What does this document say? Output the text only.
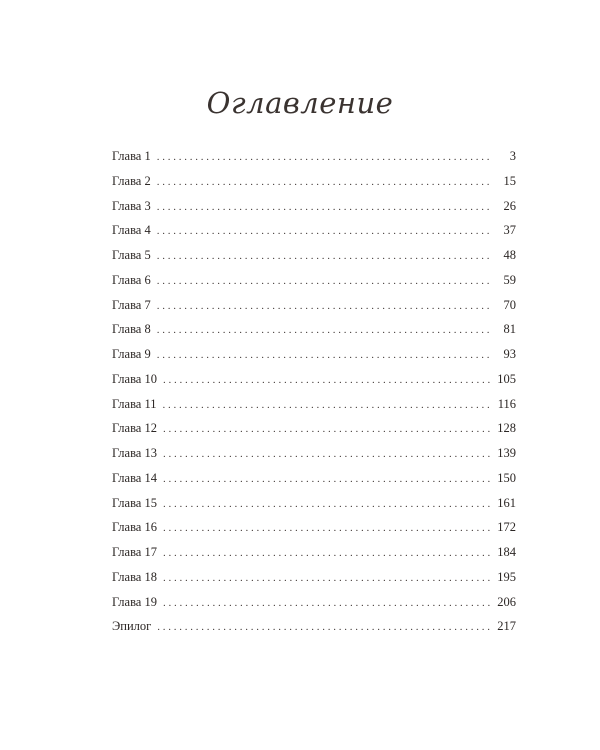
Оглавление
Глава 1 . . .	3
Глава 2 . . .	15
Глава 3 . . .	26
Глава 4 . . .	37
Глава 5 . . .	48
Глава 6 . . .	59
Глава 7 . . .	70
Глава 8 . . .	81
Глава 9 . . .	93
Глава 10 . . .	105
Глава 11 . . .	116
Глава 12 . . .	128
Глава 13 . . .	139
Глава 14 . . .	150
Глава 15 . . .	161
Глава 16 . . .	172
Глава 17 . . .	184
Глава 18 . . .	195
Глава 19 . . .	206
Эпилог . . .	217
